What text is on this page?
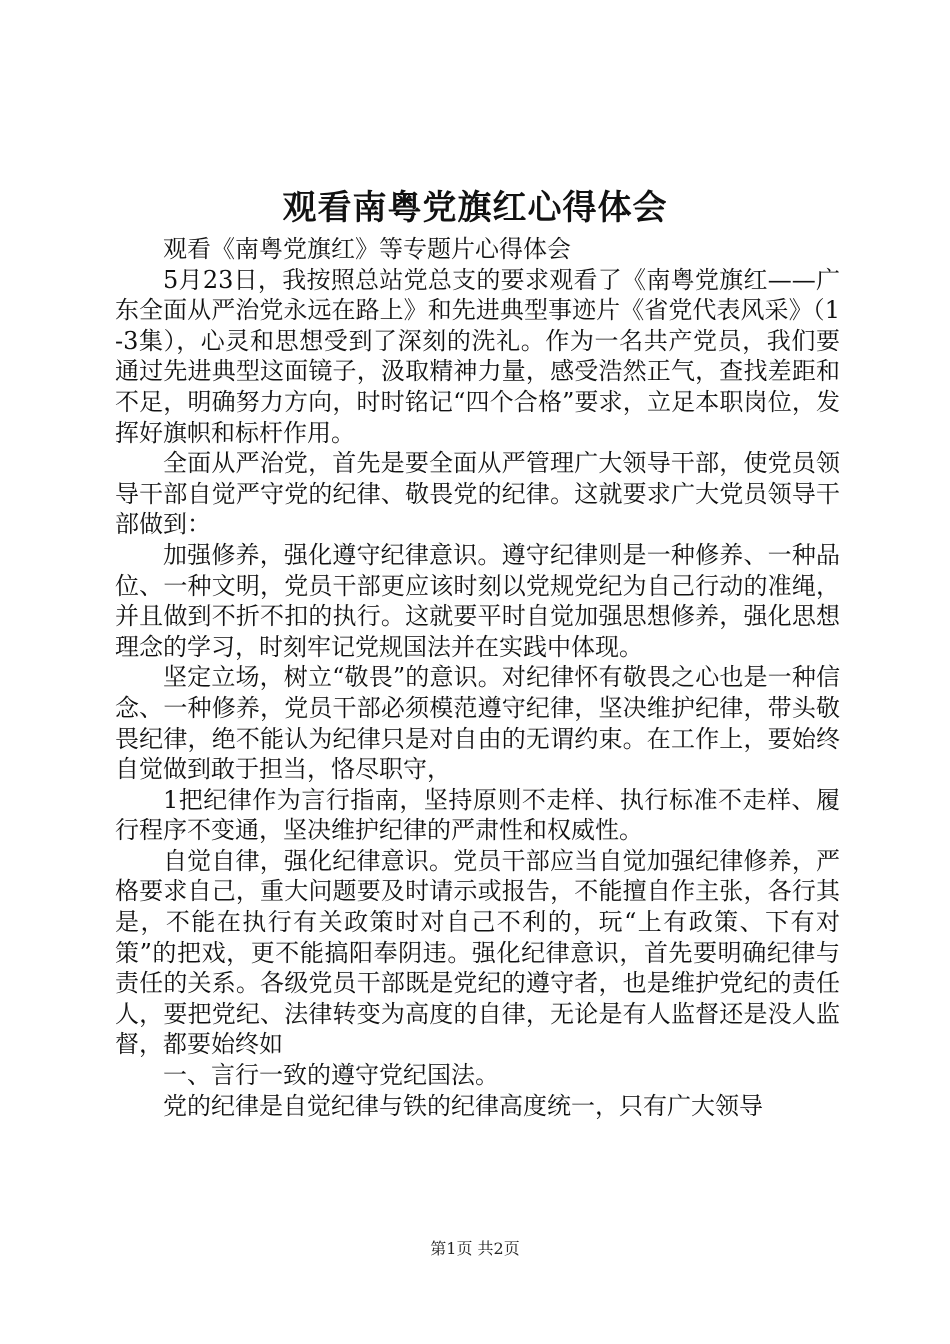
观看南粤党旗红心得体会

观看《南粤党旗红》等专题片心得体会

5月23日，我按照总站党总支的要求观看了《南粤党旗红——广东全面从严治党永远在路上》和先进典型事迹片《省党代表风采》（1-3集），心灵和思想受到了深刻的洗礼。作为一名共产党员，我们要通过先进典型这面镜子，汲取精神力量，感受浩然正气，查找差距和不足，明确努力方向，时时铭记“四个合格”要求，立足本职岗位，发挥好旗帜和标杆作用。

全面从严治党，首先是要全面从严管理广大领导干部，使党员领导干部自觉严守党的纪律、敬畏党的纪律。这就要求广大党员领导干部做到：

加强修养，强化遵守纪律意识。遵守纪律则是一种修养、一种品位、一种文明，党员干部更应该时刻以党规党纪为自己行动的准绳，并且做到不折不扣的执行。这就要平时自觉加强思想修养，强化思想理念的学习，时刻牢记党规国法并在实践中体现。

坚定立场，树立“敬畏”的意识。对纪律怀有敬畏之心也是一种信念、一种修养，党员干部必须模范遵守纪律，坚决维护纪律，带头敬畏纪律，绝不能认为纪律只是对自由的无谓约束。在工作上，要始终自觉做到敢于担当，恪尽职守，

1把纪律作为言行指南，坚持原则不走样、执行标准不走样、履行程序不变通，坚决维护纪律的严肃性和权威性。

自觉自律，强化纪律意识。党员干部应当自觉加强纪律修养，严格要求自己，重大问题要及时请示或报告，不能擅自作主张，各行其是，不能在执行有关政策时对自己不利的，玩“上有政策、下有对策”的把戏，更不能搞阳奉阴违。强化纪律意识，首先要明确纪律与责任的关系。各级党员干部既是党纪的遵守者，也是维护党纪的责任人，要把党纪、法律转变为高度的自律，无论是有人监督还是没人监督，都要始终如

一、言行一致的遵守党纪国法。

党的纪律是自觉纪律与铁的纪律高度统一，只有广大领导

第1页 共2页
